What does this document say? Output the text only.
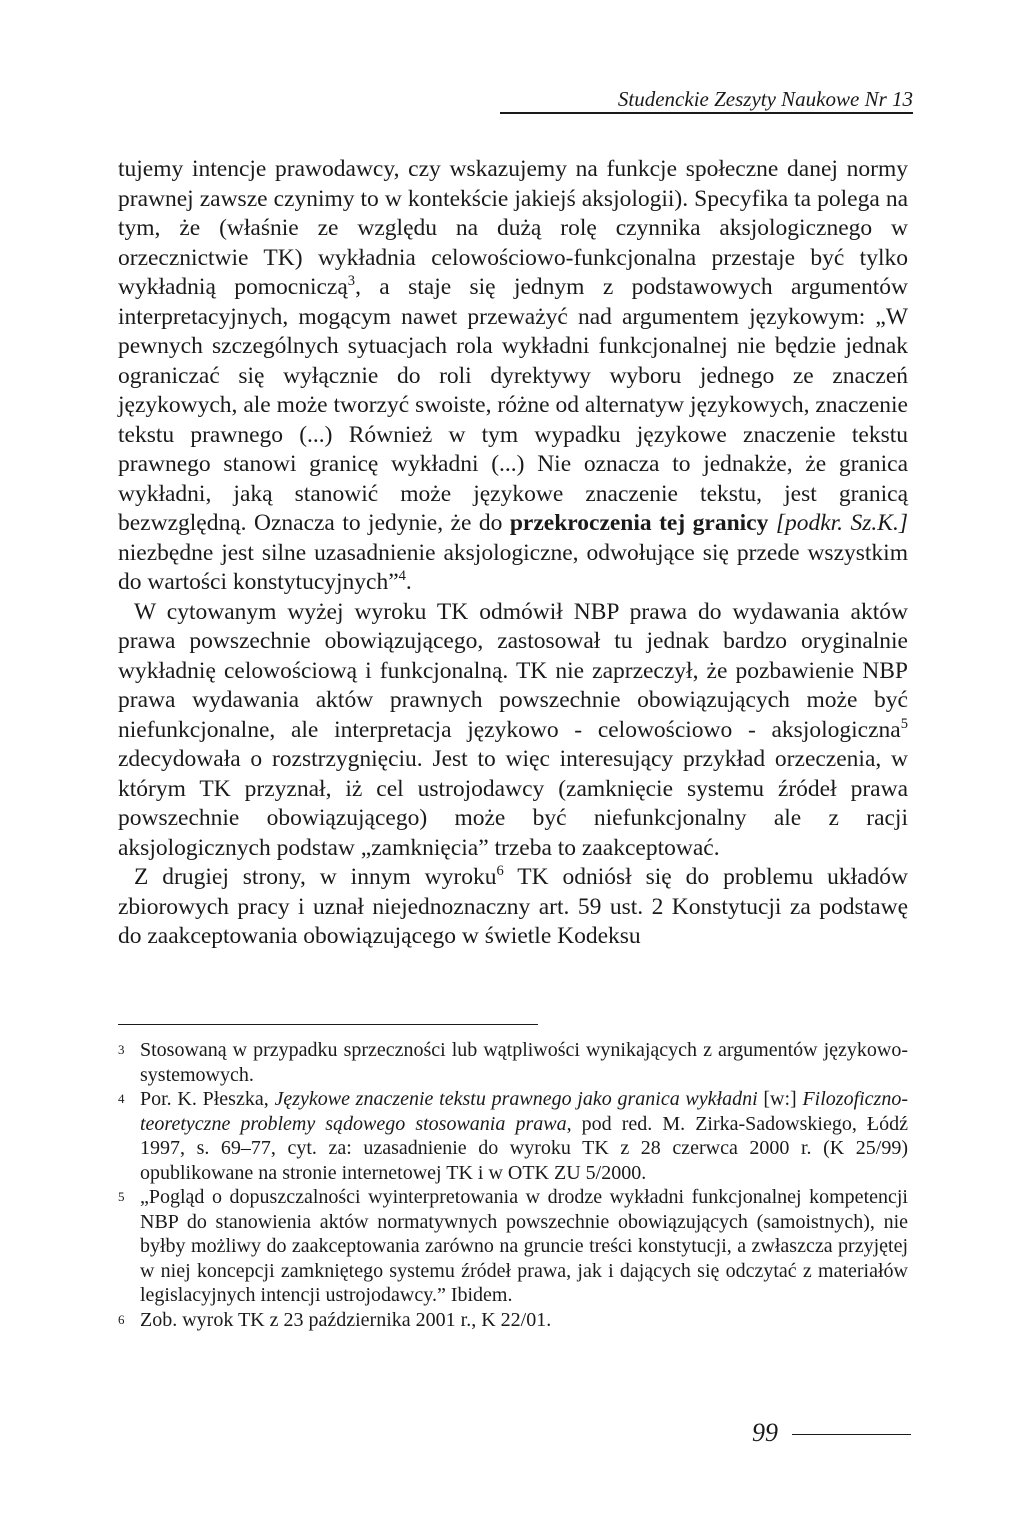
Studenckie Zeszyty Naukowe Nr 13

tujemy intencje prawodawcy, czy wskazujemy na funkcje społeczne danej normy prawnej zawsze czynimy to w kontekście jakiejś aksjologii). Specyfika ta polega na tym, że (właśnie ze względu na dużą rolę czynnika aksjologicznego w orzecznictwie TK) wykładnia celowościowo-funkcjonalna przestaje być tylko wykładnią pomocniczą$^3$, a staje się jednym z podstawowych argumentów interpretacyjnych, mogącym nawet przeważyć nad argumentem językowym: „W pewnych szczególnych sytuacjach rola wykładni funkcjonalnej nie będzie jednak ograniczać się wyłącznie do roli dyrektywy wyboru jednego ze znaczeń językowych, ale może tworzyć swoiste, różne od alternatyw językowych, znaczenie tekstu prawnego (...) Również w tym wypadku językowe znaczenie tekstu prawnego stanowi granicę wykładni (...) Nie oznacza to jednakże, że granica wykładni, jaką stanowić może językowe znaczenie tekstu, jest granicą bezwzględną. Oznacza to jedynie, że do przekroczenia tej granicy [podkr. Sz.K.] niezbędne jest silne uzasadnienie aksjologiczne, odwołujące się przede wszystkim do wartości konstytucyjnych”$^4$.

W cytowanym wyżej wyroku TK odmówił NBP prawa do wydawania aktów prawa powszechnie obowiązującego, zastosował tu jednak bardzo oryginalnie wykładnię celowościową i funkcjonalną. TK nie zaprzeczył, że pozbawienie NBP prawa wydawania aktów prawnych powszechnie obowiązujących może być niefunkcjonalne, ale interpretacja językowo - celowościowo - aksjologiczna$^5$ zdecydowała o rozstrzygnięciu. Jest to więc interesujący przykład orzeczenia, w którym TK przyznał, iż cel ustrojodawcy (zamknięcie systemu źródeł prawa powszechnie obowiązującego) może być niefunkcjonalny ale z racji aksjologicznych podstaw „zamknięcia” trzeba to zaakceptować.

Z drugiej strony, w innym wyroku$^6$ TK odniósł się do problemu układów zbiorowych pracy i uznał niejednoznaczny art. 59 ust. 2 Konstytucji za podstawę do zaakceptowania obowiązującego w świetle Kodeksu

3 Stosowaną w przypadku sprzeczności lub wątpliwości wynikających z argumentów językowo-systemowych.
4 Por. K. Płeszka, Językowe znaczenie tekstu prawnego jako granica wykładni [w:] Filozoficzno-teoretyczne problemy sądowego stosowania prawa, pod red. M. Zirka-Sadowskiego, Łódź 1997, s. 69–77, cyt. za: uzasadnienie do wyroku TK z 28 czerwca 2000 r. (K 25/99) opublikowane na stronie internetowej TK i w OTK ZU 5/2000.
5 „Pogląd o dopuszczalności wyinterpretowania w drodze wykładni funkcjonalnej kompetencji NBP do stanowienia aktów normatywnych powszechnie obowiązujących (samoistnych), nie byłby możliwy do zaakceptowania zarówno na gruncie treści konstytucji, a zwłaszcza przyjętej w niej koncepcji zamkniętego systemu źródeł prawa, jak i dających się odczytać z materiałów legislacyjnych intencji ustrojodawcy.” Ibidem.
6 Zob. wyrok TK z 23 października 2001 r., K 22/01.
99
